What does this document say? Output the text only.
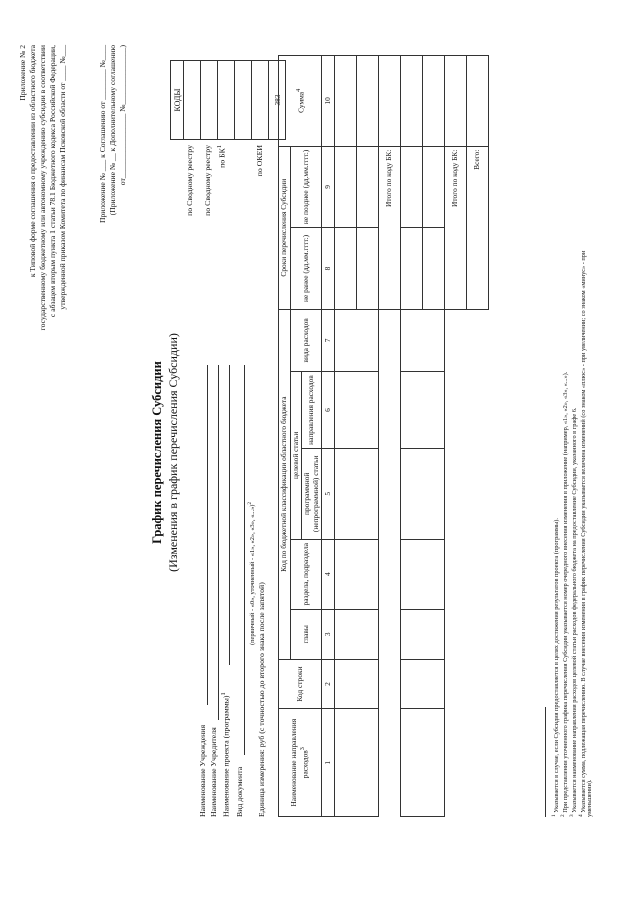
Приложение № 2 к Типовой форме соглашения о предоставлении из областного бюджета государственному бюджетному или автономному учреждению субсидии в соответствии с абзацем вторым пункта 1 статьи 78.1 Бюджетного кодекса Российской Федерации, утвержденной приказом Комитета по финансам Псковской области от ____ №___	Приложение № ___ к Соглашению от ________ №____ (Приложение № __ к Дополнительному соглашению от_________________ №_______________)
График перечисления Субсидии (Изменения в график перечисления Субсидии)
Наименование Учреждения Наименование Учредителя Наименование проекта (программы)$^1$
Вид документа
(первичный - «0», уточненный - «1», «2», «3», «...»)$^2$
Единица измерения: руб (с точностью до второго знака после запятой)
по Сводному реестру по Сводному реестру по $БК^1$	по ОКЕИ
КОДЫ

383
Наименование направления расходов$^3$	Код строки	Код по бюджетной классификации областного бюджета					Сроки перечисления Субсидии		Сумма$^4$
		главы	раздела, подраздела	целевой статьи		вида расходов	не ранее (дд.мм.гггг.)	не позднее (дд.мм.гггг.)	
				программной (непрограммной) статьи	направления расходов				
1	2	3	4	5	6	7	8	9	10

							Итого по коду БК:		

							Итого по коду БК:		
							Всего:		
$^1$ Указывается в случае, если Субсидия предоставляется в целях достижения результатов проекта (программы).
$^2$ При представлении уточненного графика перечисления Субсидии указывается номер очередного внесения изменения в приложение (например, «1», «2», «3», «...»).
$^3$ Указывается наименование направления расходов целевой статьи расходов федерального бюджета на предоставление Субсидии, указанного в графе 6.
$^4$ Указывается сумма, подлежащая перечислению. В случае внесения изменения в график перечисления Субсидии указывается величина изменений (со знаком «плюс» - при увеличении; со знаком «минус» - при
уменьшении).
